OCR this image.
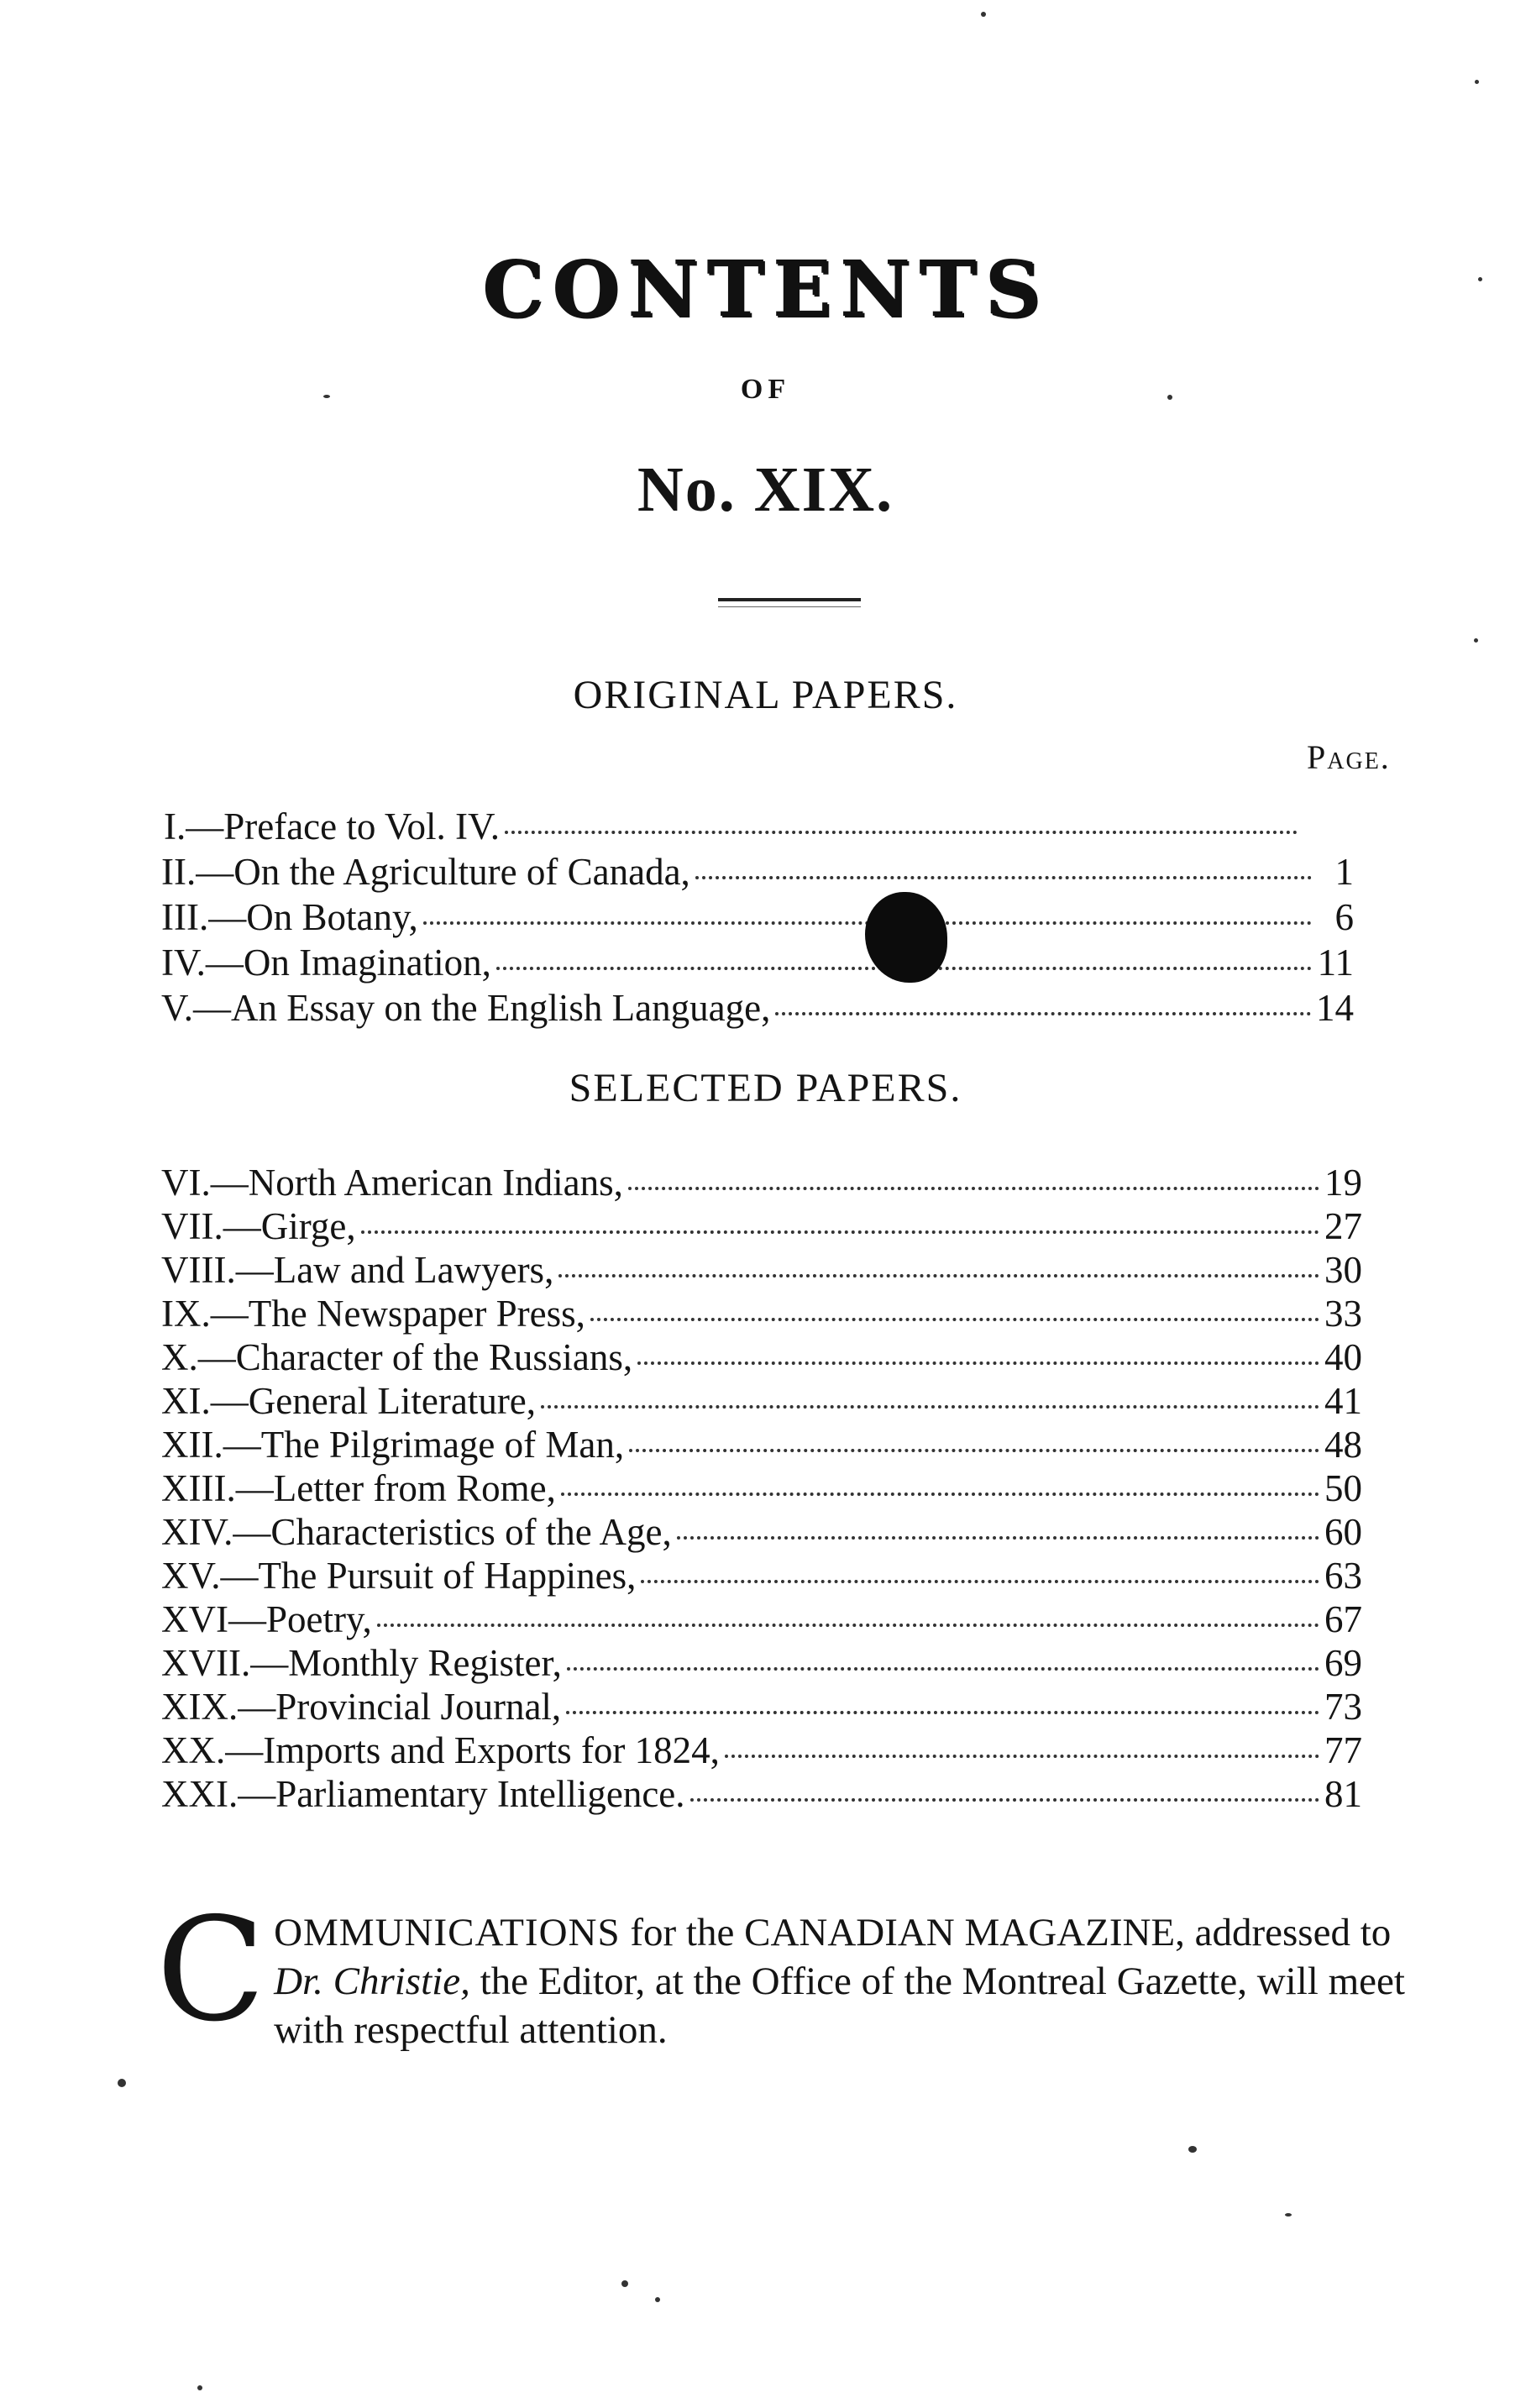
CONTENTS
OF
No. XIX.
ORIGINAL PAPERS.
Page.
I.—Preface to Vol. IV.
II.—On the Agriculture of Canada,	1
III.—On Botany,	6
IV.—On Imagination,	11
V.—An Essay on the English Language,	14
SELECTED PAPERS.
VI.—North American Indians,	19
VII.—Girge,	27
VIII.—Law and Lawyers,	30
IX.—The Newspaper Press,	33
X.—Character of the Russians,	40
XI.—General Literature,	41
XII.—The Pilgrimage of Man,	48
XIII.—Letter from Rome,	50
XIV.—Characteristics of the Age,	60
XV.—The Pursuit of Happines,	63
XVI—Poetry,	67
XVII.—Monthly Register,	69
XIX.—Provincial Journal,	73
XX.—Imports and Exports for 1824,	77
XXI.—Parliamentary Intelligence.	81
COMMUNICATIONS for the CANADIAN MAGAZINE, addressed to Dr. Christie, the Editor, at the Office of the Montreal Gazette, will meet with respectful attention.
